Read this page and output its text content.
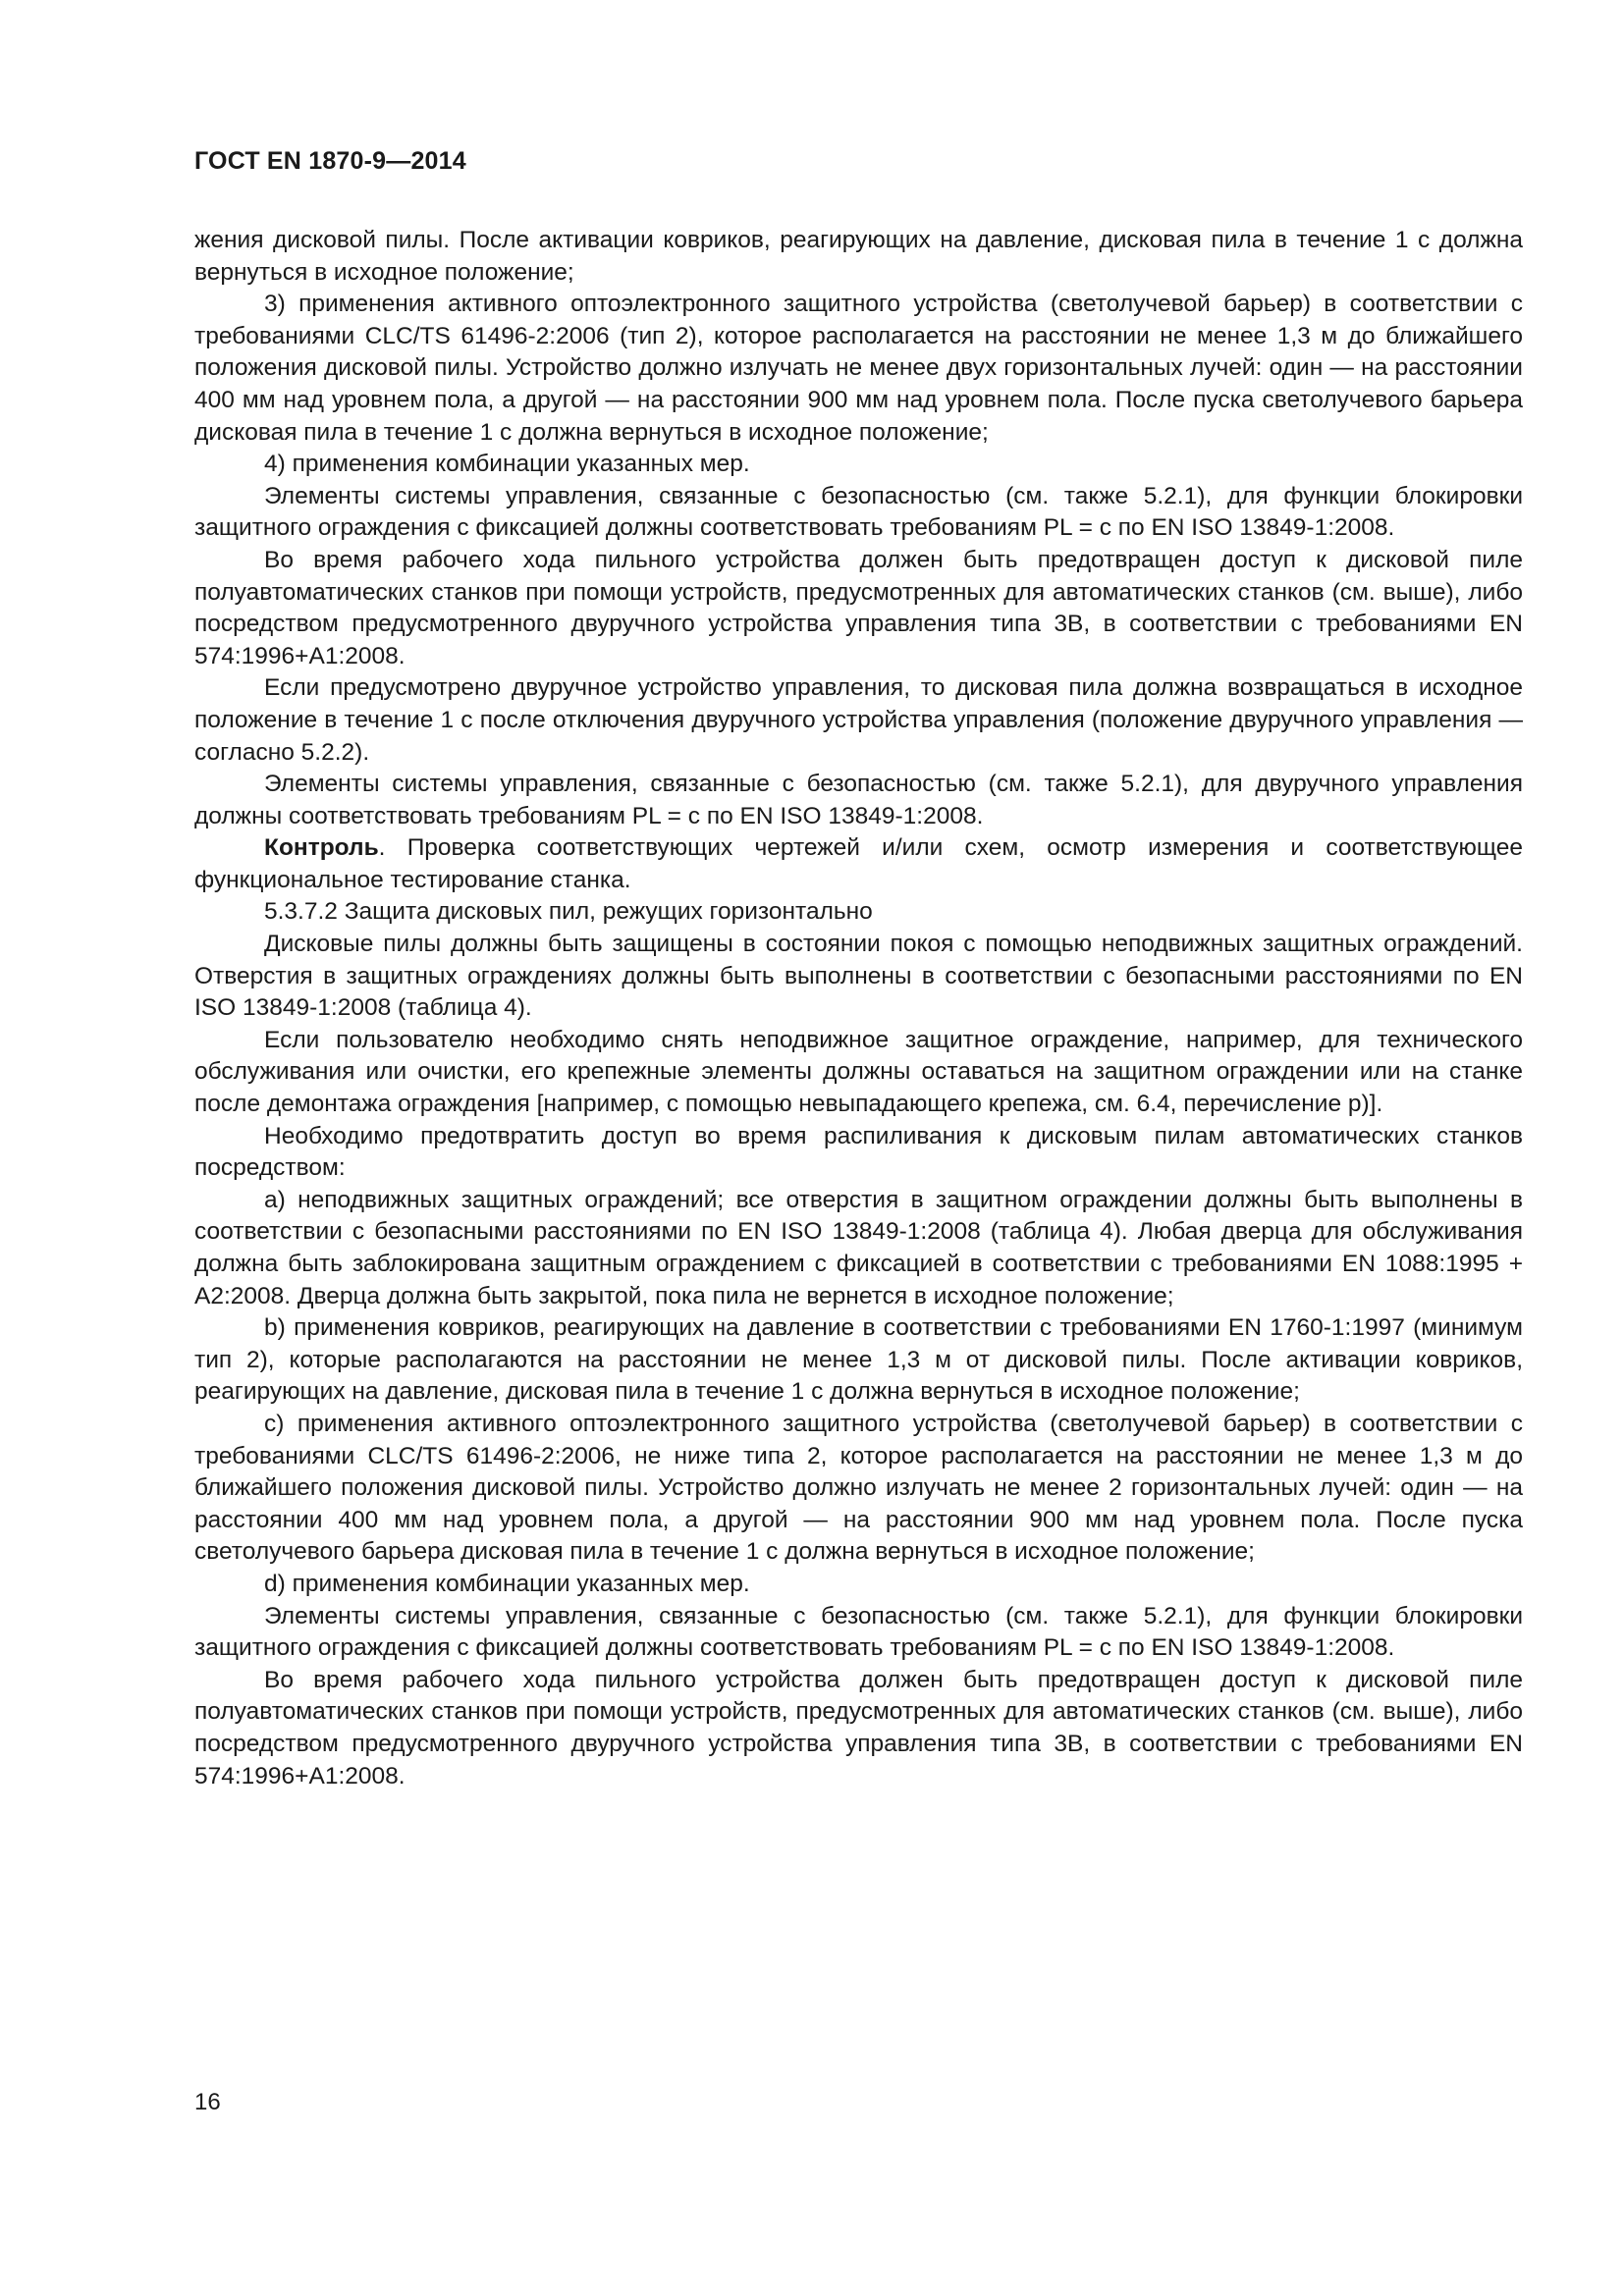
ГОСТ EN 1870-9—2014

жения дисковой пилы. После активации ковриков, реагирующих на давление, дисковая пила в течение 1 с должна вернуться в исходное положение;

3) применения активного оптоэлектронного защитного устройства (светолучевой барьер) в соответствии с требованиями CLC/TS 61496-2:2006 (тип 2), которое располагается на расстоянии не менее 1,3 м до ближайшего положения дисковой пилы. Устройство должно излучать не менее двух горизонтальных лучей: один — на расстоянии 400 мм над уровнем пола, а другой — на расстоянии 900 мм над уровнем пола. После пуска светолучевого барьера дисковая пила в течение 1 с должна вернуться в исходное положение;

4) применения комбинации указанных мер.

Элементы системы управления, связанные с безопасностью (см. также 5.2.1), для функции блокировки защитного ограждения с фиксацией должны соответствовать требованиям PL = c по EN ISO 13849-1:2008.

Во время рабочего хода пильного устройства должен быть предотвращен доступ к дисковой пиле полуавтоматических станков при помощи устройств, предусмотренных для автоматических станков (см. выше), либо посредством предусмотренного двуручного устройства управления типа 3В, в соответствии с требованиями EN 574:1996+A1:2008.

Если предусмотрено двуручное устройство управления, то дисковая пила должна возвращаться в исходное положение в течение 1 с после отключения двуручного устройства управления (положение двуручного управления — согласно 5.2.2).

Элементы системы управления, связанные с безопасностью (см. также 5.2.1), для двуручного управления должны соответствовать требованиям PL = c по EN ISO 13849-1:2008.

Контроль. Проверка соответствующих чертежей и/или схем, осмотр измерения и соответствующее функциональное тестирование станка.

5.3.7.2 Защита дисковых пил, режущих горизонтально

Дисковые пилы должны быть защищены в состоянии покоя с помощью неподвижных защитных ограждений. Отверстия в защитных ограждениях должны быть выполнены в соответствии с безопасными расстояниями по EN ISO 13849-1:2008 (таблица 4).

Если пользователю необходимо снять неподвижное защитное ограждение, например, для технического обслуживания или очистки, его крепежные элементы должны оставаться на защитном ограждении или на станке после демонтажа ограждения [например, с помощью невыпадающего крепежа, см. 6.4, перечисление p)].

Необходимо предотвратить доступ во время распиливания к дисковым пилам автоматических станков посредством:

a) неподвижных защитных ограждений; все отверстия в защитном ограждении должны быть выполнены в соответствии с безопасными расстояниями по EN ISO 13849-1:2008 (таблица 4). Любая дверца для обслуживания должна быть заблокирована защитным ограждением с фиксацией в соответствии с требованиями EN 1088:1995 + A2:2008. Дверца должна быть закрытой, пока пила не вернется в исходное положение;

b) применения ковриков, реагирующих на давление в соответствии с требованиями EN 1760-1:1997 (минимум тип 2), которые располагаются на расстоянии не менее 1,3 м от дисковой пилы. После активации ковриков, реагирующих на давление, дисковая пила в течение 1 с должна вернуться в исходное положение;

c) применения активного оптоэлектронного защитного устройства (светолучевой барьер) в соответствии с требованиями CLC/TS 61496-2:2006, не ниже типа 2, которое располагается на расстоянии не менее 1,3 м до ближайшего положения дисковой пилы. Устройство должно излучать не менее 2 горизонтальных лучей: один — на расстоянии 400 мм над уровнем пола, а другой — на расстоянии 900 мм над уровнем пола. После пуска светолучевого барьера дисковая пила в течение 1 с должна вернуться в исходное положение;

d) применения комбинации указанных мер.

Элементы системы управления, связанные с безопасностью (см. также 5.2.1), для функции блокировки защитного ограждения с фиксацией должны соответствовать требованиям PL = c по EN ISO 13849-1:2008.

Во время рабочего хода пильного устройства должен быть предотвращен доступ к дисковой пиле полуавтоматических станков при помощи устройств, предусмотренных для автоматических станков (см. выше), либо посредством предусмотренного двуручного устройства управления типа 3В, в соответствии с требованиями EN 574:1996+A1:2008.

16
